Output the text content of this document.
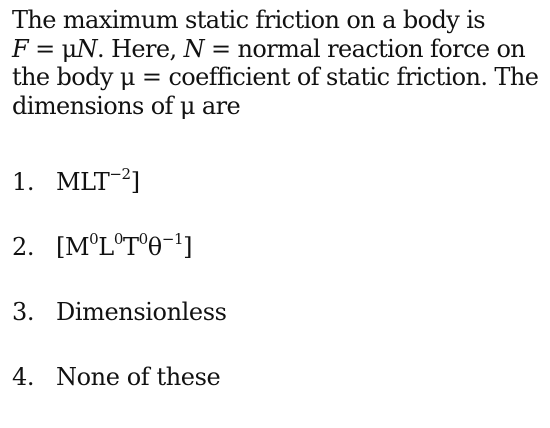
The maximum static friction on a body is
F = μN. Here, N = normal reaction force on
the body μ = coefficient of static friction. The
dimensions of μ are
1. $MLT^{-2}$]
2. $[M^0L^0T^0\theta^{-1}]$
3. Dimensionless
4. None of these
